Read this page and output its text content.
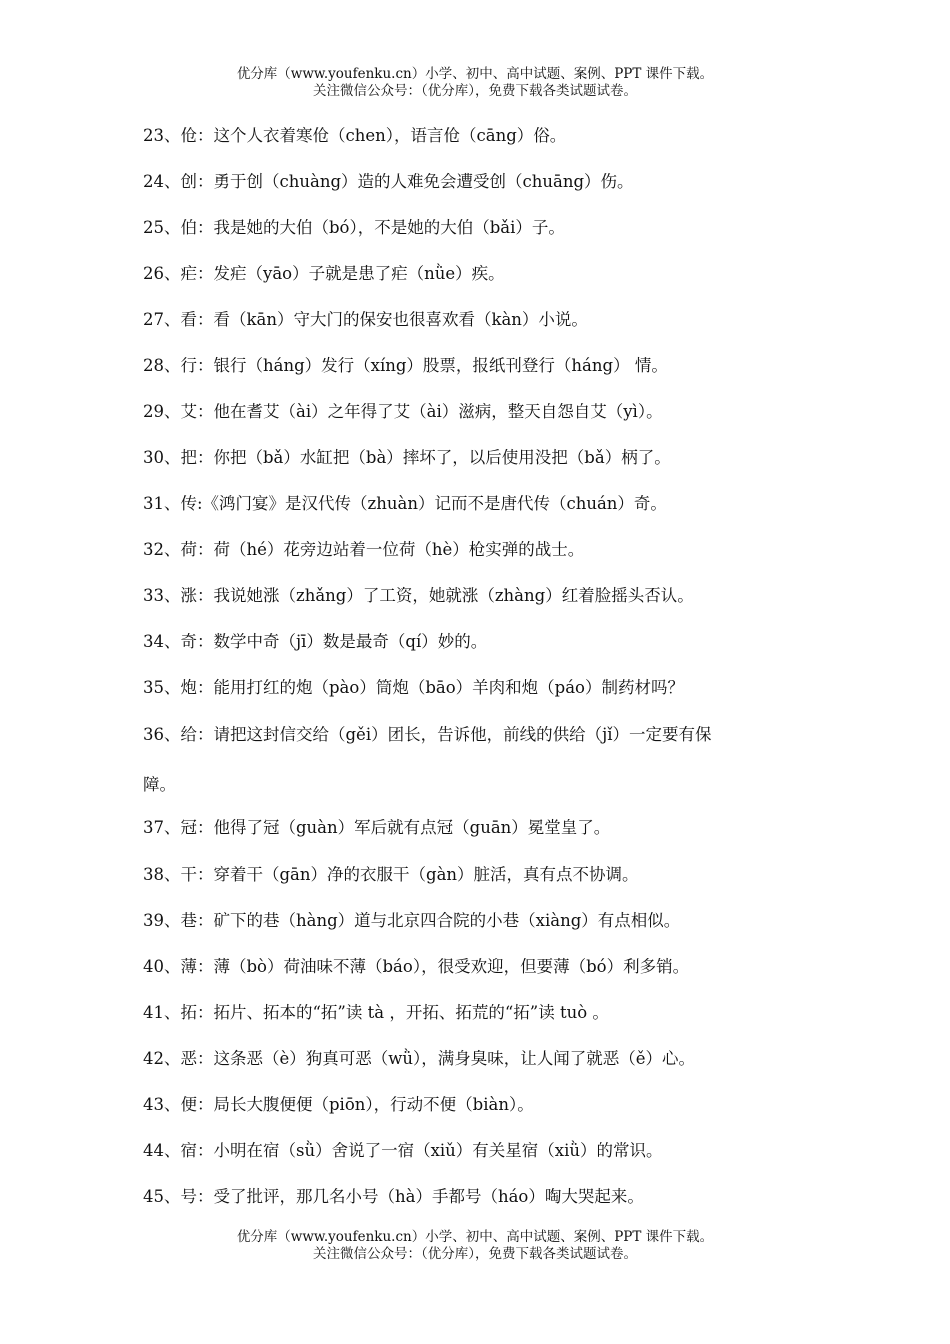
优分库（www.youfenku.cn）小学、初中、高中试题、案例、PPT 课件下载。
关注微信公众号：（优分库），免费下载各类试题试卷。
23、伧：这个人衣着寒伧（chen），语言伧（cāng）俗。
24、创：勇于创（chuàng）造的人难免会遭受创（chuāng）伤。
25、伯：我是她的大伯（bó），不是她的大伯（bǎi）子。
26、疟：发疟（yāo）子就是患了疟（nǜe）疾。
27、看：看（kān）守大门的保安也很喜欢看（kàn）小说。
28、行：银行（háng）发行（xíng）股票，报纸刊登行（háng） 情。
29、艾：他在耆艾（ài）之年得了艾（ài）滋病，整天自怨自艾（yì）。
30、把：你把（bǎ）水缸把（bà）摔坏了，以后使用没把（bǎ）柄了。
31、传:《鸿门宴》是汉代传（zhuàn）记而不是唐代传（chuán）奇。
32、荷：荷（hé）花旁边站着一位荷（hè）枪实弹的战士。
33、涨：我说她涨（zhǎng）了工资，她就涨（zhàng）红着脸摇头否认。
34、奇：数学中奇（jī）数是最奇（qí）妙的。
35、炮：能用打红的炮（pào）筒炮（bāo）羊肉和炮（páo）制药材吗？
36、给：请把这封信交给（gěi）团长，告诉他，前线的供给（jǐ）一定要有保
障。
37、冠：他得了冠（guàn）军后就有点冠（guān）冕堂皇了。
38、干：穿着干（gān）净的衣服干（gàn）脏活，真有点不协调。
39、巷：矿下的巷（hàng）道与北京四合院的小巷（xiàng）有点相似。
40、薄：薄（bò）荷油味不薄（báo），很受欢迎，但要薄（bó）利多销。
41、拓：拓片、拓本的“拓”读 tà ，开拓、拓荒的“拓”读 tuò 。
42、恶：这条恶（è）狗真可恶（wǜ），满身臭味，让人闻了就恶（ě）心。
43、便：局长大腹便便（piōn），行动不便（biàn）。
44、宿：小明在宿（sǜ）舍说了一宿（xiǔ）有关星宿（xiǜ）的常识。
45、号：受了批评，那几名小号（hà）手都号（háo）啕大哭起来。
优分库（www.youfenku.cn）小学、初中、高中试题、案例、PPT 课件下载。
关注微信公众号：（优分库），免费下载各类试题试卷。
